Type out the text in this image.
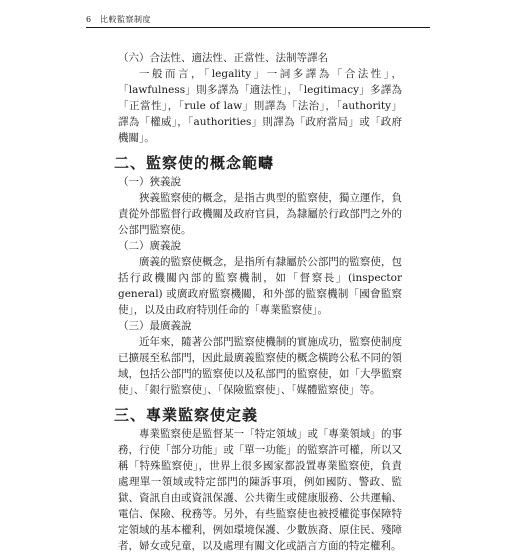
6 比較監察制度

（六）合法性、適法性、正當性、法制等譯名

一般而言，「legality」一詞多譯為「合法性」，「lawfulness」則多譯為「適法性」，「legitimacy」多譯為「正當性」，「rule of law」則譯為「法治」，「authority」譯為「權威」，「authorities」則譯為「政府當局」或「政府機關」。

二、監察使的概念範疇

（一）狹義說

狹義監察使的概念，是指古典型的監察使，獨立運作，負責從外部監督行政機關及政府官員，為隸屬於行政部門之外的公部門監察使。

（二）廣義說

廣義的監察使概念，是指所有隸屬於公部門的監察使，包括行政機關內部的監察機制，如「督察長」(inspector general) 或廣政府監察機關，和外部的監察機制「國會監察使」，以及由政府特別任命的「專業監察使」。

（三）最廣義說

近年來，隨著公部門監察使機制的實施成功，監察使制度已擴展至私部門，因此最廣義監察使的概念橫跨公私不同的領域，包括公部門的監察使以及私部門的監察使，如「大學監察使」、「銀行監察使」、「保險監察使」、「媒體監察使」等。

三、專業監察使定義

專業監察使是監督某一「特定領域」或「專業領域」的事務，行使「部分功能」或「單一功能」的監察許可權，所以又稱「特殊監察使」，世界上很多國家都設置專業監察使，負責處理單一領域或特定部門的陳訴事項，例如國防、警政、監獄、資訊自由或資訊保護、公共衛生或健康服務、公共運輸、電信、保險、稅務等。另外，有些監察使也被授權從事保障特定領域的基本權利，例如環境保護、少數族裔、原住民、殘障者，婦女或兒童，以及處理有關文化或語言方面的特定權利。
